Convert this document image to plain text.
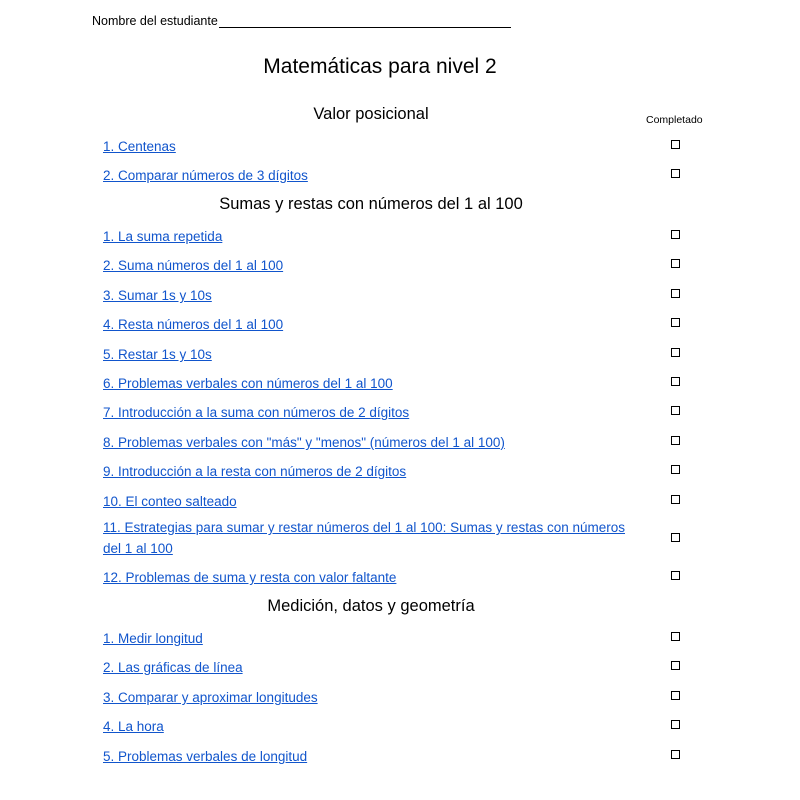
Nombre del estudiante
Matemáticas para nivel 2
Completado
Valor posicional
1. Centenas
2. Comparar números de 3 dígitos
Sumas y restas con números del 1 al 100
1. La suma repetida
2. Suma números del 1 al 100
3. Sumar 1s y 10s
4. Resta números del 1 al 100
5. Restar 1s y 10s
6. Problemas verbales con números del 1 al 100
7. Introducción a la suma con números de 2 dígitos
8. Problemas verbales con "más" y "menos" (números del 1 al 100)
9. Introducción a la resta con números de 2 dígitos
10. El conteo salteado
11. Estrategias para sumar y restar números del 1 al 100: Sumas y restas con números del 1 al 100
12. Problemas de suma y resta con valor faltante
Medición, datos y geometría
1. Medir longitud
2. Las gráficas de línea
3. Comparar y aproximar longitudes
4. La hora
5. Problemas verbales de longitud
